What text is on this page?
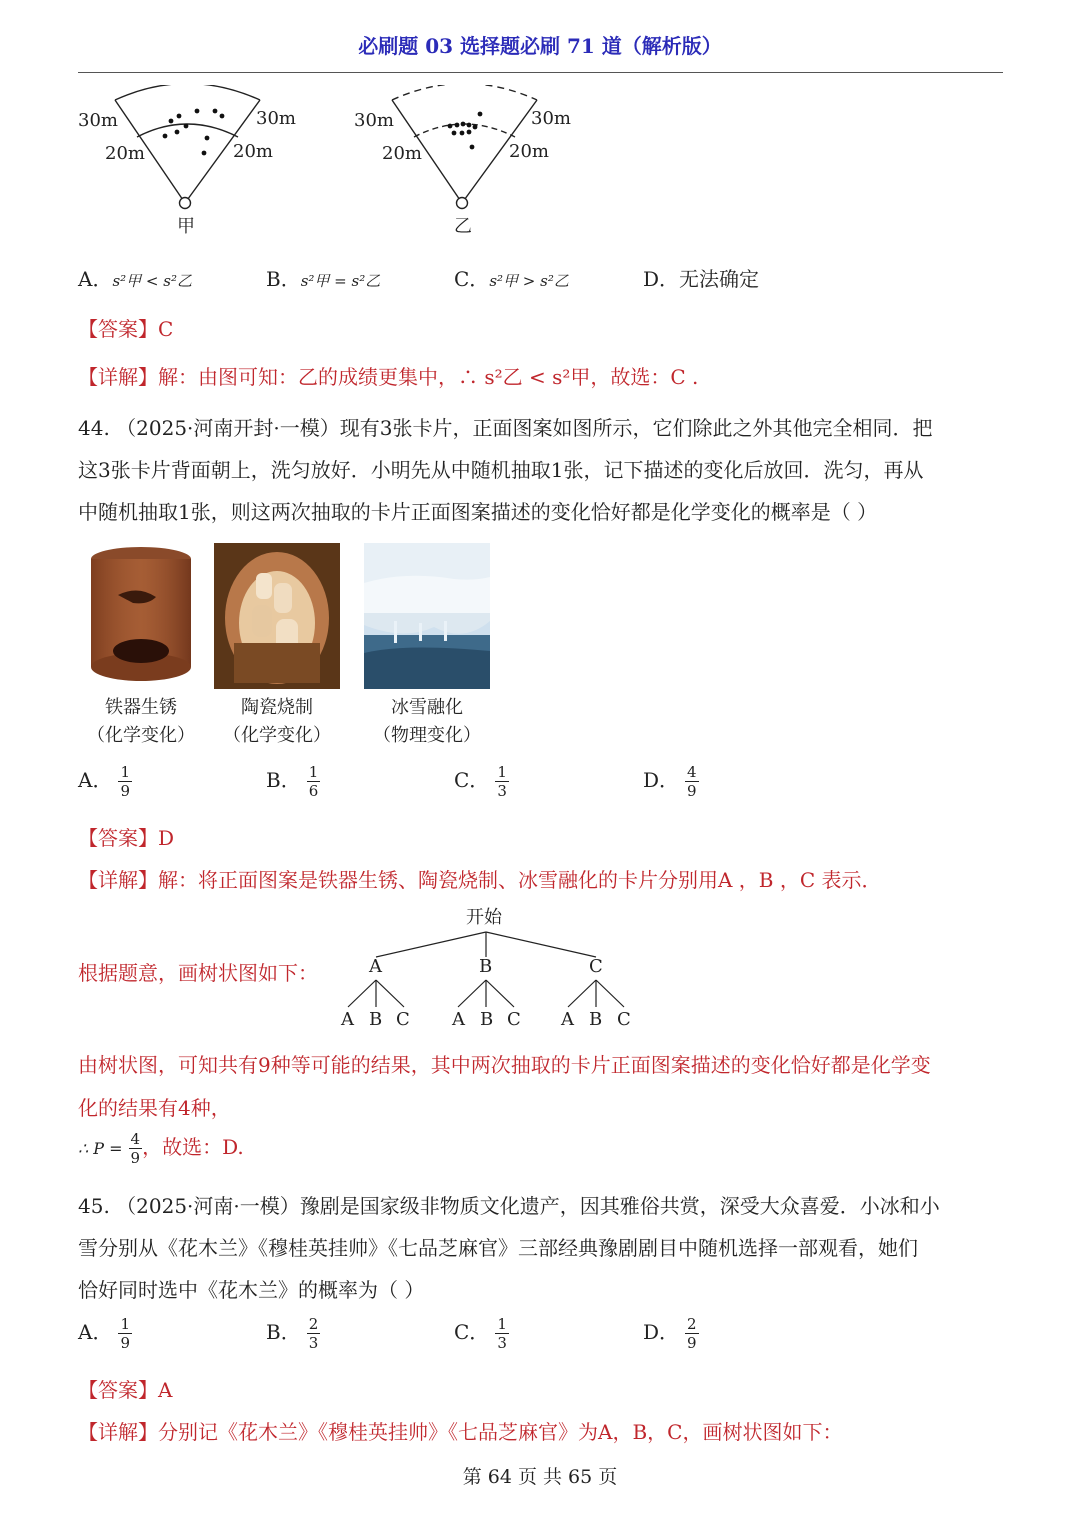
必刷题 03 选择题必刷 71 道（解析版）
30m	30m
20m	20m
甲
30m	30m
20m	20m
乙
A．s²甲 < s²乙	B．s²甲 = s²乙	C．s²甲 > s²乙	D．无法确定
【答案】C
【详解】解：由图可知：乙的成绩更集中，∴ s²乙 < s²甲，故选：C .
44. （2025·河南开封·一模）现有3张卡片，正面图案如图所示，它们除此之外其他完全相同．把
这3张卡片背面朝上，洗匀放好．小明先从中随机抽取1张，记下描述的变化后放回．洗匀，再从
中随机抽取1张，则这两次抽取的卡片正面图案描述的变化恰好都是化学变化的概率是（ ）
铁器生锈
（化学变化）
陶瓷烧制
（化学变化）
冰雪融化
（物理变化）
A． $\frac{1}{9}$	B． $\frac{1}{6}$	C． $\frac{1}{3}$	D． $\frac{4}{9}$
【答案】D
【详解】解：将正面图案是铁器生锈、陶瓷烧制、冰雪融化的卡片分别用A ，B ，C 表示．
根据题意，画树状图如下：
开始
A	B	C
A B C A B C A B C
由树状图，可知共有9种等可能的结果，其中两次抽取的卡片正面图案描述的变化恰好都是化学变
化的结果有4种，
∴ $P = \frac{4}{9}$ ，故选：D.
45. （2025·河南·一模）豫剧是国家级非物质文化遗产，因其雅俗共赏，深受大众喜爱．小冰和小
雪分别从《花木兰》《穆桂英挂帅》《七品芝麻官》三部经典豫剧剧目中随机选择一部观看，她们
恰好同时选中《花木兰》的概率为（ ）
A． $\frac{1}{9}$	B． $\frac{2}{3}$	C． $\frac{1}{3}$	D． $\frac{2}{9}$
【答案】A
【详解】分别记《花木兰》《穆桂英挂帅》《七品芝麻官》为A，B，C，画树状图如下：
第 64 页 共 65 页
